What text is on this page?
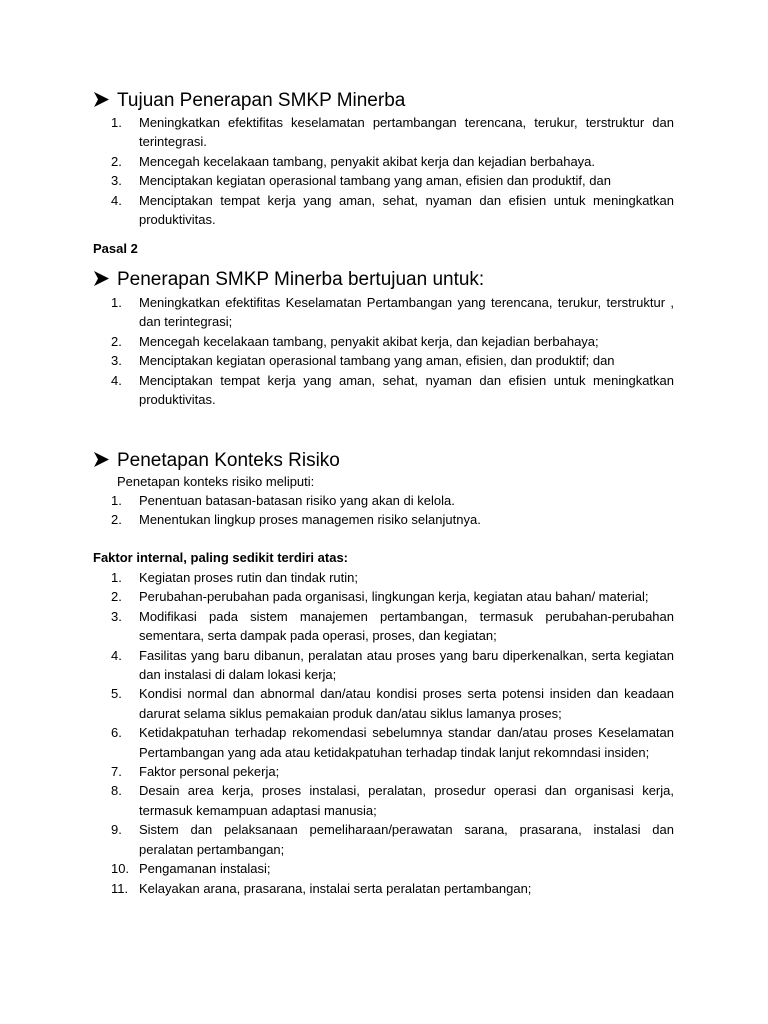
Tujuan Penerapan SMKP Minerba
1.	Meningkatkan efektifitas keselamatan pertambangan terencana, terukur, terstruktur dan terintegrasi.
2.	Mencegah kecelakaan tambang, penyakit akibat kerja dan kejadian berbahaya.
3.	Menciptakan kegiatan operasional tambang yang aman, efisien dan produktif, dan
4.	Menciptakan tempat kerja yang aman, sehat, nyaman dan efisien untuk meningkatkan produktivitas.

Pasal 2

Penerapan SMKP Minerba bertujuan untuk:
1.	Meningkatkan efektifitas Keselamatan Pertambangan yang terencana, terukur, terstruktur , dan terintegrasi;
2.	Mencegah kecelakaan tambang, penyakit akibat kerja, dan kejadian berbahaya;
3.	Menciptakan kegiatan operasional tambang yang aman, efisien, dan produktif; dan
4.	Menciptakan tempat kerja yang aman, sehat, nyaman dan efisien untuk meningkatkan produktivitas.
Penetapan Konteks Risiko

Penetapan konteks risiko meliputi:

1.	Penentuan batasan-batasan risiko yang akan di kelola.
2.	Menentukan lingkup proses managemen risiko selanjutnya.

Faktor internal, paling sedikit terdiri atas:

1.	Kegiatan proses rutin dan tindak rutin;
2.	Perubahan-perubahan pada organisasi, lingkungan kerja, kegiatan atau bahan/ material;
3.	Modifikasi pada sistem manajemen pertambangan, termasuk perubahan-perubahan sementara, serta dampak pada operasi, proses, dan kegiatan;
4.	Fasilitas yang baru dibanun, peralatan atau proses yang baru diperkenalkan, serta kegiatan dan instalasi di dalam lokasi kerja;
5.	Kondisi normal dan abnormal dan/atau kondisi proses serta potensi insiden dan keadaan darurat selama siklus pemakaian produk dan/atau siklus lamanya proses;
6.	Ketidakpatuhan terhadap rekomendasi sebelumnya standar dan/atau proses Keselamatan Pertambangan yang ada atau ketidakpatuhan terhadap tindak lanjut rekomndasi insiden;
7.	Faktor personal pekerja;
8.	Desain area kerja, proses instalasi, peralatan, prosedur operasi dan organisasi kerja, termasuk kemampuan adaptasi manusia;
9.	Sistem dan pelaksanaan pemeliharaan/perawatan sarana, prasarana, instalasi dan peralatan pertambangan;
10. Pengamanan instalasi;
11. Kelayakan arana, prasarana, instalai serta peralatan pertambangan;
